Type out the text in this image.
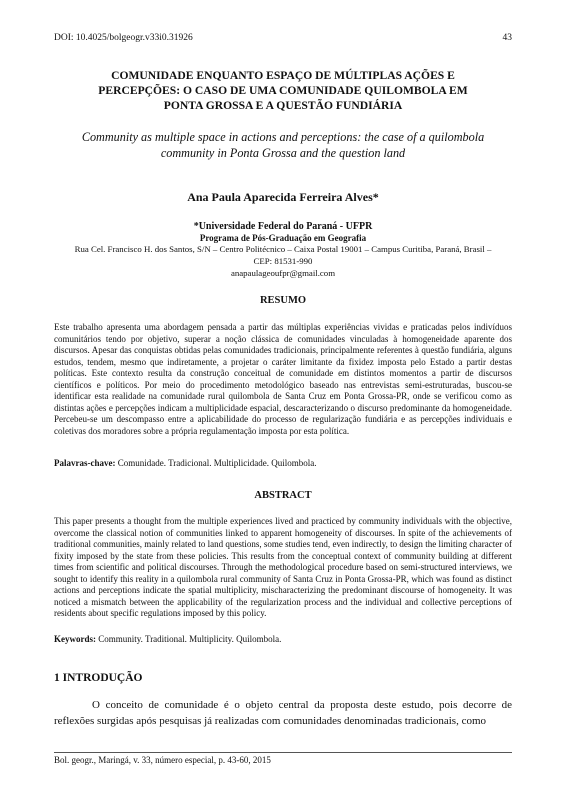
DOI: 10.4025/bolgeogr.v33i0.31926	43
COMUNIDADE ENQUANTO ESPAÇO DE MÚLTIPLAS AÇÕES E
PERCEPÇÕES: O CASO DE UMA COMUNIDADE QUILOMBOLA EM
PONTA GROSSA E A QUESTÃO FUNDIÁRIA
Community as multiple space in actions and perceptions: the case of a quilombola
community in Ponta Grossa and the question land
Ana Paula Aparecida Ferreira Alves*
*Universidade Federal do Paraná - UFPR
Programa de Pós-Graduação em Geografia
Rua Cel. Francisco H. dos Santos, S/N – Centro Politécnico – Caixa Postal 19001 – Campus Curitiba, Paraná, Brasil –
CEP: 81531-990
anapaulageoufpr@gmail.com
RESUMO
Este trabalho apresenta uma abordagem pensada a partir das múltiplas experiências vividas e praticadas pelos indivíduos comunitários tendo por objetivo, superar a noção clássica de comunidades vinculadas à homogeneidade aparente dos discursos. Apesar das conquistas obtidas pelas comunidades tradicionais, principalmente referentes à questão fundiária, alguns estudos, tendem, mesmo que indiretamente, a projetar o caráter limitante da fixidez imposta pelo Estado a partir destas políticas. Este contexto resulta da construção conceitual de comunidade em distintos momentos a partir de discursos científicos e políticos. Por meio do procedimento metodológico baseado nas entrevistas semi-estruturadas, buscou-se identificar esta realidade na comunidade rural quilombola de Santa Cruz em Ponta Grossa-PR, onde se verificou como as distintas ações e percepções indicam a multiplicidade espacial, descaracterizando o discurso predominante da homogeneidade. Percebeu-se um descompasso entre a aplicabilidade do processo de regularização fundiária e as percepções individuais e coletivas dos moradores sobre a própria regulamentação imposta por esta política.
Palavras-chave: Comunidade. Tradicional. Multiplicidade. Quilombola.
ABSTRACT
This paper presents a thought from the multiple experiences lived and practiced by community individuals with the objective, overcome the classical notion of communities linked to apparent homogeneity of discourses. In spite of the achievements of traditional communities, mainly related to land questions, some studies tend, even indirectly, to design the limiting character of fixity imposed by the state from these policies. This results from the conceptual context of community building at different times from scientific and political discourses. Through the methodological procedure based on semi-structured interviews, we sought to identify this reality in a quilombola rural community of Santa Cruz in Ponta Grossa-PR, which was found as distinct actions and perceptions indicate the spatial multiplicity, mischaracterizing the predominant discourse of homogeneity. It was noticed a mismatch between the applicability of the regularization process and the individual and collective perceptions of residents about specific regulations imposed by this policy.
Keywords: Community. Traditional. Multiplicity. Quilombola.
1 INTRODUÇÃO
O conceito de comunidade é o objeto central da proposta deste estudo, pois decorre de reflexões surgidas após pesquisas já realizadas com comunidades denominadas tradicionais, como
Bol. geogr., Maringá, v. 33, número especial, p. 43-60, 2015
